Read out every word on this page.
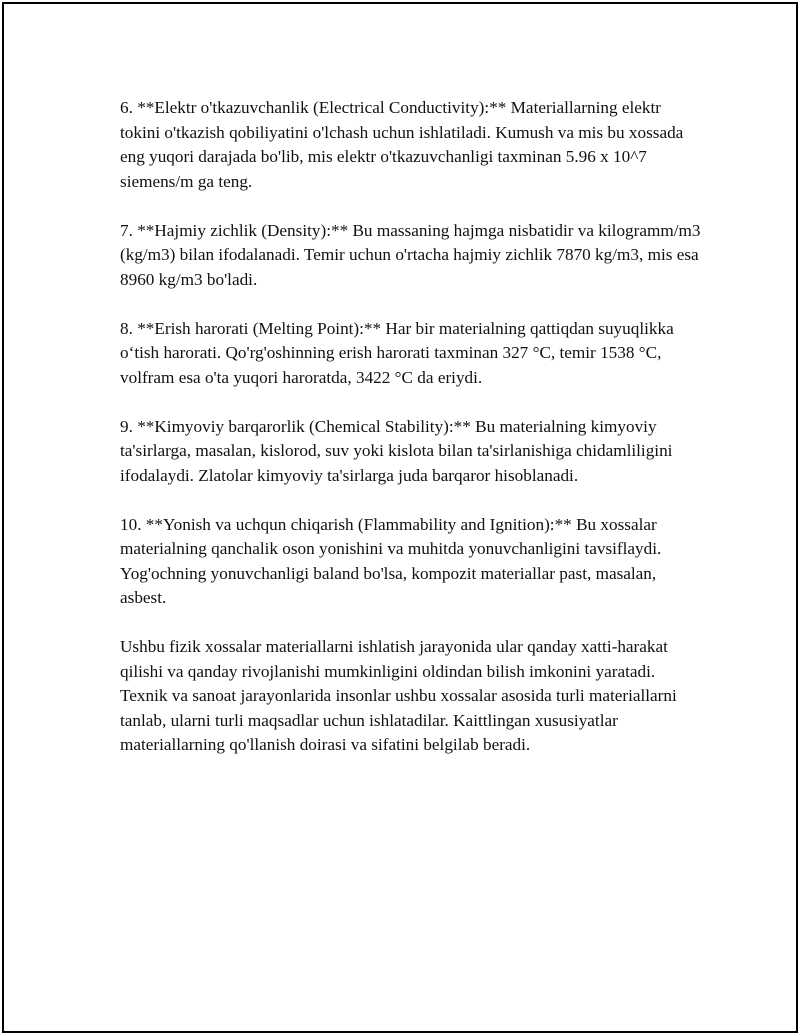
6. **Elektr o'tkazuvchanlik (Electrical Conductivity):** Materiallarning elektr tokini o'tkazish qobiliyatini o'lchash uchun ishlatiladi. Kumush va mis bu xossada eng yuqori darajada bo'lib, mis elektr o'tkazuvchanligi taxminan 5.96 x 10^7 siemens/m ga teng.

7. **Hajmiy zichlik (Density):** Bu massaning hajmga nisbatidir va kilogramm/m3 (kg/m3) bilan ifodalanadi. Temir uchun o'rtacha hajmiy zichlik 7870 kg/m3, mis esa 8960 kg/m3 bo'ladi.

8. **Erish harorati (Melting Point):** Har bir materialning qattiqdan suyuqlikka o‘tish harorati. Qo'rg'oshinning erish harorati taxminan 327 °C, temir 1538 °C, volfram esa o'ta yuqori haroratda, 3422 °C da eriydi.

9. **Kimyoviy barqarorlik (Chemical Stability):** Bu materialning kimyoviy ta'sirlarga, masalan, kislorod, suv yoki kislota bilan ta'sirlanishiga chidamliligini ifodalaydi. Zlatolar kimyoviy ta'sirlarga juda barqaror hisoblanadi.

10. **Yonish va uchqun chiqarish (Flammability and Ignition):** Bu xossalar materialning qanchalik oson yonishini va muhitda yonuvchanligini tavsiflaydi. Yog'ochning yonuvchanligi baland bo'lsa, kompozit materiallar past, masalan, asbest.

Ushbu fizik xossalar materiallarni ishlatish jarayonida ular qanday xatti-harakat qilishi va qanday rivojlanishi mumkinligini oldindan bilish imkonini yaratadi. Texnik va sanoat jarayonlarida insonlar ushbu xossalar asosida turli materiallarni tanlab, ularni turli maqsadlar uchun ishlatadilar. Kaittlingan xususiyatlar materiallarning qo'llanish doirasi va sifatini belgilab beradi.
